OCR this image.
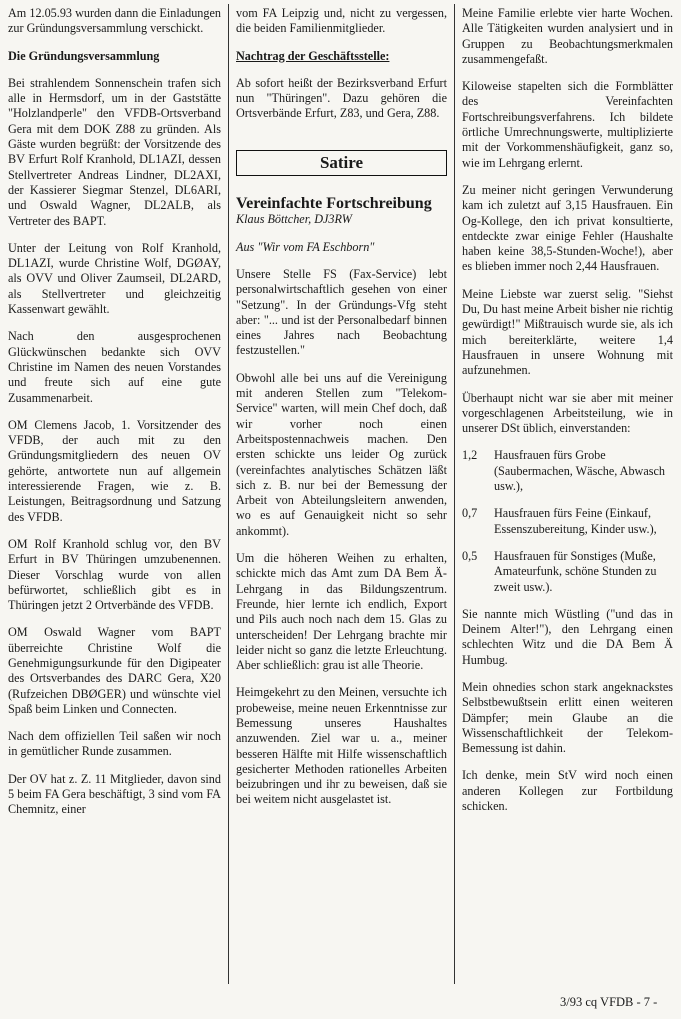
Am 12.05.93 wurden dann die Einladungen zur Gründungsversammlung verschickt.

Die Gründungsversammlung

Bei strahlendem Sonnenschein trafen sich alle in Hermsdorf, um in der Gaststätte "Holzlandperle" den VFDB-Ortsverband Gera mit dem DOK Z88 zu gründen. Als Gäste wurden begrüßt: der Vorsitzende des BV Erfurt Rolf Kranhold, DL1AZI, dessen Stellvertreter Andreas Lindner, DL2AXI, der Kassierer Siegmar Stenzel, DL6ARI, und Oswald Wagner, DL2ALB, als Vertreter des BAPT.

Unter der Leitung von Rolf Kranhold, DL1AZI, wurde Christine Wolf, DGØAY, als OVV und Oliver Zaumseil, DL2ARD, als Stellvertreter und gleichzeitig Kassenwart gewählt.

Nach den ausgesprochenen Glückwünschen bedankte sich OVV Christine im Namen des neuen Vorstandes und freute sich auf eine gute Zusammenarbeit.

OM Clemens Jacob, 1. Vorsitzender des VFDB, der auch mit zu den Gründungsmitgliedern des neuen OV gehörte, antwortete nun auf allgemein interessierende Fragen, wie z. B. Leistungen, Beitragsordnung und Satzung des VFDB.

OM Rolf Kranhold schlug vor, den BV Erfurt in BV Thüringen umzubenennen. Dieser Vorschlag wurde von allen befürwortet, schließlich gibt es in Thüringen jetzt 2 Ortverbände des VFDB.

OM Oswald Wagner vom BAPT überreichte Christine Wolf die Genehmigungsurkunde für den Digipeater des Ortsverbandes des DARC Gera, X20 (Rufzeichen DBØGER) und wünschte viel Spaß beim Linken und Connecten.

Nach dem offiziellen Teil saßen wir noch in gemütlicher Runde zusammen.

Der OV hat z. Z. 11 Mitglieder, davon sind 5 beim FA Gera beschäftigt, 3 sind vom FA Chemnitz, einer

vom FA Leipzig und, nicht zu vergessen, die beiden Familienmitglieder.

Nachtrag der Geschäftsstelle:

Ab sofort heißt der Bezirksverband Erfurt nun "Thüringen". Dazu gehören die Ortsverbände Erfurt, Z83, und Gera, Z88.

Satire
Vereinfachte Fortschreibung

Klaus Böttcher, DJ3RW

Aus "Wir vom FA Eschborn"

Unsere Stelle FS (Fax-Service) lebt personalwirtschaftlich gesehen von einer "Setzung". In der Gründungs-Vfg steht aber: "... und ist der Personalbedarf binnen eines Jahres nach Beobachtung festzustellen."

Obwohl alle bei uns auf die Vereinigung mit anderen Stellen zum "Telekom-Service" warten, will mein Chef doch, daß wir vorher noch einen Arbeitspostennachweis machen. Den ersten schickte uns leider Og zurück (vereinfachtes analytisches Schätzen läßt sich z. B. nur bei der Bemessung der Arbeit von Abteilungsleitern anwenden, wo es auf Genauigkeit nicht so sehr ankommt).

Um die höheren Weihen zu erhalten, schickte mich das Amt zum DA Bem Ä-Lehrgang in das Bildungszentrum. Freunde, hier lernte ich endlich, Export und Pils auch noch nach dem 15. Glas zu unterscheiden! Der Lehrgang brachte mir leider nicht so ganz die letzte Erleuchtung. Aber schließlich: grau ist alle Theorie.

Heimgekehrt zu den Meinen, versuchte ich probeweise, meine neuen Erkenntnisse zur Bemessung unseres Haushaltes anzuwenden. Ziel war u. a., meiner besseren Hälfte mit Hilfe wissenschaftlich gesicherter Methoden rationelles Arbeiten beizubringen und ihr zu beweisen, daß sie bei weitem nicht ausgelastet ist.

Meine Familie erlebte vier harte Wochen. Alle Tätigkeiten wurden analysiert und in Gruppen zu Beobachtungsmerkmalen zusammengefaßt.

Kiloweise stapelten sich die Formblätter des Vereinfachten Fortschreibungsverfahrens. Ich bildete örtliche Umrechnungswerte, multiplizierte mit der Vorkommenshäufigkeit, ganz so, wie im Lehrgang erlernt.

Zu meiner nicht geringen Verwunderung kam ich zuletzt auf 3,15 Hausfrauen. Ein Og-Kollege, den ich privat konsultierte, entdeckte zwar einige Fehler (Haushalte haben keine 38,5-Stunden-Woche!), aber es blieben immer noch 2,44 Hausfrauen.

Meine Liebste war zuerst selig. "Siehst Du, Du hast meine Arbeit bisher nie richtig gewürdigt!" Mißtrauisch wurde sie, als ich mich bereiterklärte, weitere 1,4 Hausfrauen in unsere Wohnung mit aufzunehmen.

Überhaupt nicht war sie aber mit meiner vorgeschlagenen Arbeitsteilung, wie in unserer DSt üblich, einverstanden:

1,2	Hausfrauen fürs Grobe (Saubermachen, Wäsche, Abwasch usw.),
0,7	Hausfrauen fürs Feine (Einkauf, Essenszubereitung, Kinder usw.),
0,5	Hausfrauen für Sonstiges (Muße, Amateurfunk, schöne Stunden zu zweit usw.).

Sie nannte mich Wüstling ("und das in Deinem Alter!"), den Lehrgang einen schlechten Witz und die DA Bem Ä Humbug.

Mein ohnedies schon stark angeknackstes Selbstbewußtsein erlitt einen weiteren Dämpfer; mein Glaube an die Wissenschaftlichkeit der Telekom-Bemessung ist dahin.

Ich denke, mein StV wird noch einen anderen Kollegen zur Fortbildung schicken.

3/93 cq VFDB - 7 -
